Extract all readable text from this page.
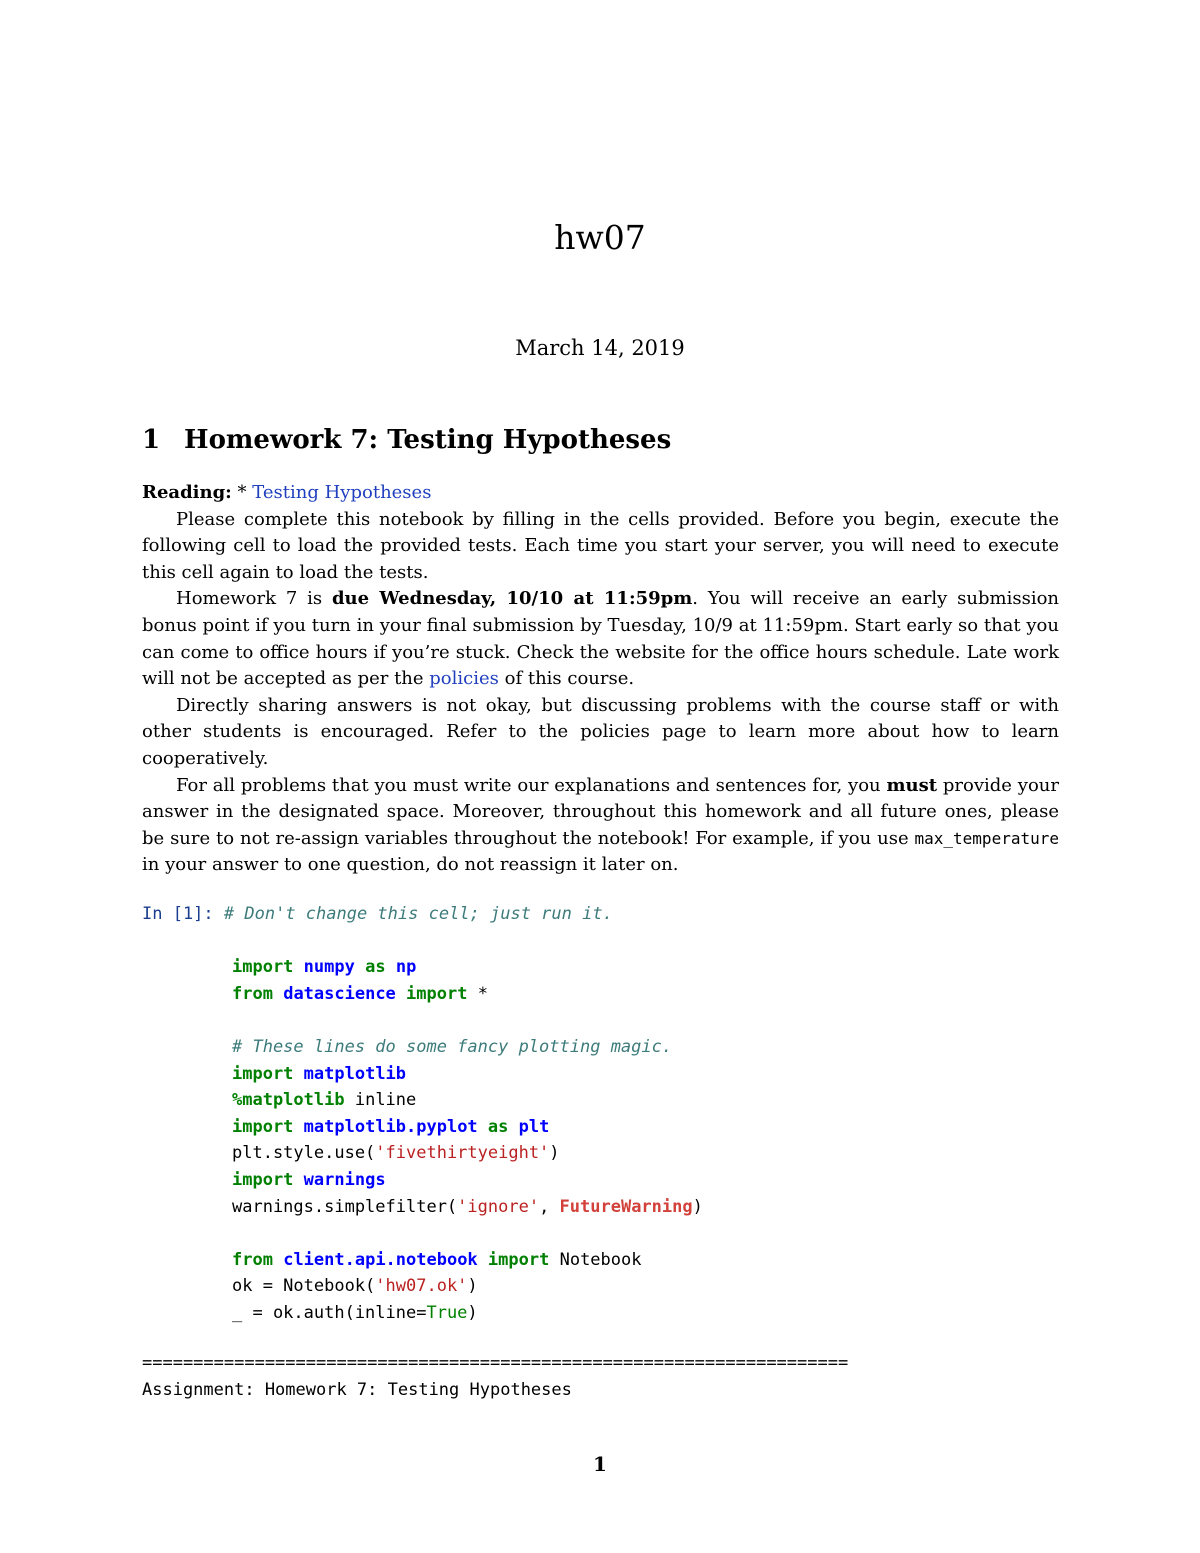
hw07
March 14, 2019
1 Homework 7: Testing Hypotheses

Reading: * Testing Hypotheses

Please complete this notebook by filling in the cells provided. Before you begin, execute the following cell to load the provided tests. Each time you start your server, you will need to execute this cell again to load the tests.

Homework 7 is due Wednesday, 10/10 at 11:59pm. You will receive an early submission bonus point if you turn in your final submission by Tuesday, 10/9 at 11:59pm. Start early so that you can come to office hours if you’re stuck. Check the website for the office hours schedule. Late work will not be accepted as per the policies of this course.

Directly sharing answers is not okay, but discussing problems with the course staff or with other students is encouraged. Refer to the policies page to learn more about how to learn cooperatively.

For all problems that you must write our explanations and sentences for, you must provide your answer in the designated space. Moreover, throughout this homework and all future ones, please be sure to not re-assign variables throughout the notebook! For example, if you use max_temperature in your answer to one question, do not reassign it later on.

In [1]: # Don't change this cell; just run it.

import numpy as np
from datascience import *

# These lines do some fancy plotting magic.
import matplotlib
%matplotlib inline
import matplotlib.pyplot as plt
plt.style.use('fivethirtyeight')
import warnings
warnings.simplefilter('ignore', FutureWarning)

from client.api.notebook import Notebook
ok = Notebook('hw07.ok')
_ = ok.auth(inline=True)
=====================================================================
Assignment: Homework 7: Testing Hypotheses
1
